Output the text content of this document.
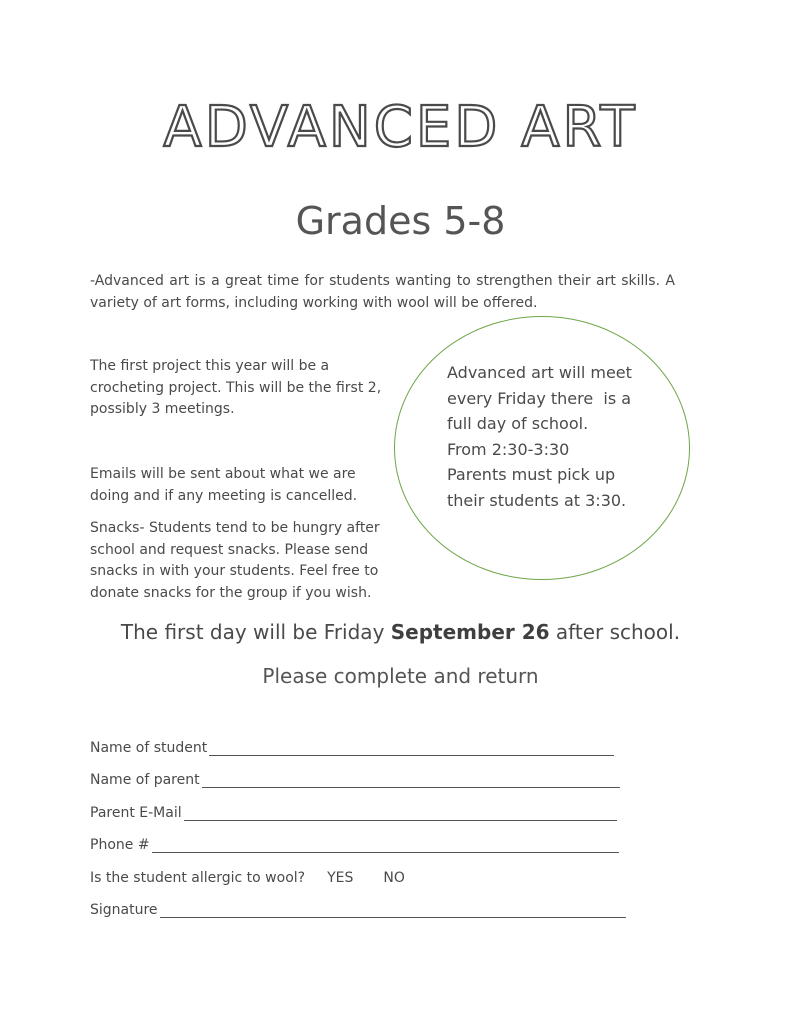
ADVANCED ART
Grades 5-8
-Advanced art is a great time for students wanting to strengthen their art skills. A variety of art forms, including working with wool will be offered.
The first project this year will be a crocheting project. This will be the first 2, possibly 3 meetings.
Emails will be sent about what we are doing and if any meeting is cancelled.
Snacks- Students tend to be hungry after school and request snacks. Please send snacks in with your students. Feel free to donate snacks for the group if you wish.
Advanced art will meet
every Friday there  is a
full day of school.
From 2:30-3:30
Parents must pick up
their students at 3:30.
The first day will be Friday September 26 after school.
Please complete and return
Name of student
Name of parent
Parent E-Mail
Phone #
Is the student allergic to wool? YES NO
Signature
